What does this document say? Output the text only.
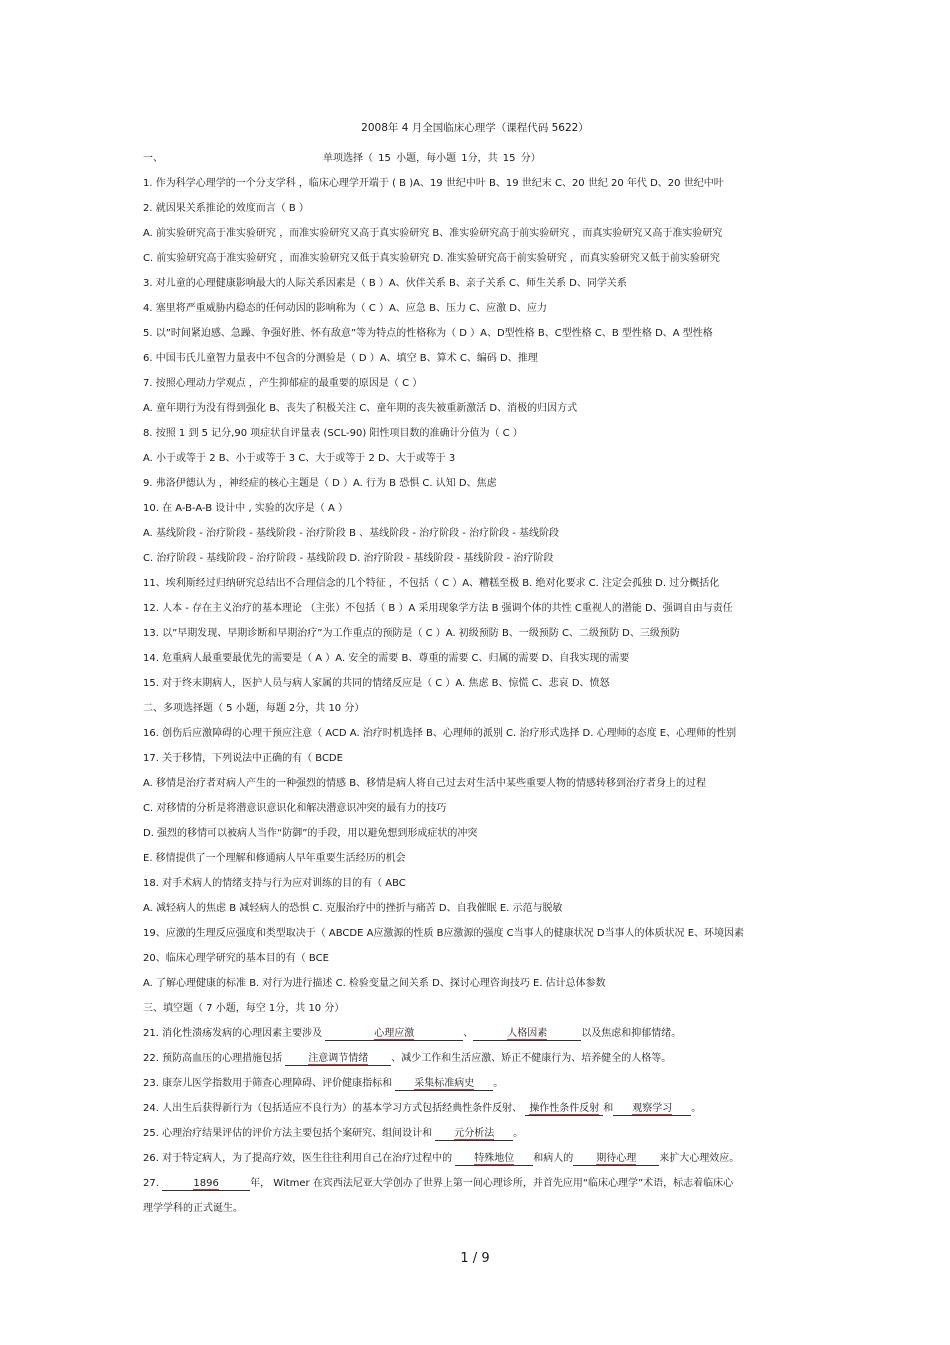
2008年 4 月全国临床心理学（课程代码 5622）
一、	单项选择（ 15 小题，每小题 1分，共 15 分）
1. 作为科学心理学的一个分支学科 ，临床心理学开端于 ( B )A、19 世纪中叶 B、19 世纪末 C、20 世纪 20 年代 D、20 世纪中叶
2. 就因果关系推论的效度而言（ B ）
A. 前实验研究高于准实验研究 ，而准实验研究又高于真实验研究 B、准实验研究高于前实验研究 ，而真实验研究又高于准实验研究
C. 前实验研究高于准实验研究 ，而准实验研究又低于真实验研究 D. 准实验研究高于前实验研究 ，而真实验研究又低于前实验研究
3. 对儿童的心理健康影响最大的人际关系因素是（ B ）A、伙伴关系 B、亲子关系 C、师生关系 D、同学关系
4. 塞里将严重威胁内稳态的任何动因的影响称为（ C ）A、应急 B、压力 C、应激 D、应力
5. 以”时间紧迫感、急躁、争强好胜、怀有敌意”等为特点的性格称为（ D ）A、D型性格 B、C型性格 C、B 型性格 D、A 型性格
6. 中国韦氏儿童智力量表中不包含的分测验是（ D ）A、填空 B、算术 C、编码 D、推理
7. 按照心理动力学观点 ，产生抑郁症的最重要的原因是（ C ）
A. 童年期行为没有得到强化 B、丧失了积极关注 C、童年期的丧失被重新激活 D、消极的归因方式
8. 按照 1 到 5 记分,90 项症状自评量表 (SCL-90) 阳性项目数的准确计分值为（ C ）
A. 小于或等于 2 B、小于或等于 3 C、大于或等于 2 D、大于或等于 3
9. 弗洛伊德认为 ，神经症的核心主题是（ D ）A. 行为 B 恐惧 C. 认知 D、焦虑
10. 在 A-B-A-B 设计中 , 实验的次序是（ A ）
A. 基线阶段 - 治疗阶段 - 基线阶段 - 治疗阶段 B 、基线阶段 - 治疗阶段 - 治疗阶段 - 基线阶段
C. 治疗阶段 - 基线阶段 - 治疗阶段 - 基线阶段 D. 治疗阶段 - 基线阶段 - 基线阶段 - 治疗阶段
11、埃利斯经过归纳研究总结出不合理信念的几个特征 ，不包括（ C ）A、糟糕至极 B. 绝对化要求 C. 注定会孤独 D. 过分概括化
12. 人本 - 存在主义治疗的基本理论 （主张）不包括（ B ）A 采用现象学方法 B 强调个体的共性 C重视人的潜能 D、强调自由与责任
13. 以”早期发现、早期诊断和早期治疗”为工作重点的预防是（ C ）A. 初级预防 B、一级预防 C、二级预防 D、三级预防
14. 危重病人最重要最优先的需要是（ A ）A. 安全的需要 B、尊重的需要 C、归属的需要 D、自我实现的需要
15. 对于终末期病人，医护人员与病人家属的共同的情绪反应是（ C ）A. 焦虑 B、惊慌 C、悲哀 D、愤怒
二、多项选择题（ 5 小题，每题 2分，共 10 分）
16. 创伤后应激障碍的心理干预应注意（ ACD A. 治疗时机选择 B、心理师的派别 C. 治疗形式选择 D. 心理师的态度 E、心理师的性别
17. 关于移情，下列说法中正确的有（ BCDE
A. 移情是治疗者对病人产生的一种强烈的情感 B、移情是病人将自己过去对生活中某些重要人物的情感转移到治疗者身上的过程
C. 对移情的分析是将潜意识意识化和解决潜意识冲突的最有力的技巧
D. 强烈的移情可以被病人当作“防御”的手段，用以避免想到形成症状的冲突
E. 移情提供了一个理解和修通病人早年重要生活经历的机会
18. 对手术病人的情绪支持与行为应对训练的目的有（ ABC
A. 减轻病人的焦虑 B 减轻病人的恐惧 C. 克服治疗中的挫折与痛苦 D、自我催眠 E. 示范与脱敏
19、应激的生理反应强度和类型取决于（ ABCDE A应激源的性质 B应激源的强度 C当事人的健康状况 D当事人的体质状况 E、环境因素
20、临床心理学研究的基本目的有（ BCE
A. 了解心理健康的标准 B. 对行为进行描述 C. 检验变量之间关系 D、探讨心理咨询技巧 E. 估计总体参数
三、填空题（ 7 小题，每空 1分，共 10 分）
21. 消化性溃疡发病的心理因素主要涉及	心理应激	、	人格因素	以及焦虑和抑郁情绪。
22. 预防高血压的心理措施包括	注意调节情绪 、减少工作和生活应激、矫正不健康行为、培养健全的人格等。
23. 康奈儿医学指数用于筛查心理障碍、评价健康指标和 采集标准病史 。
24. 人出生后获得新行为（包括适应不良行为）的基本学习方式包括经典性条件反射、 操作性条件反射 和 观察学习 。
25. 心理治疗结果评估的评价方法主要包括个案研究、组间设计和 元分析法 。
26. 对于特定病人，为了提高疗效，医生往往利用自己在治疗过程中的 特殊地位 和病人的 期待心理 来扩大心理效应。
27.	1896	年， Witmer 在宾西法尼亚大学创办了世界上第一间心理诊所，并首先应用“临床心理学”术语，标志着临床心
理学学科的正式诞生。
1 / 9
